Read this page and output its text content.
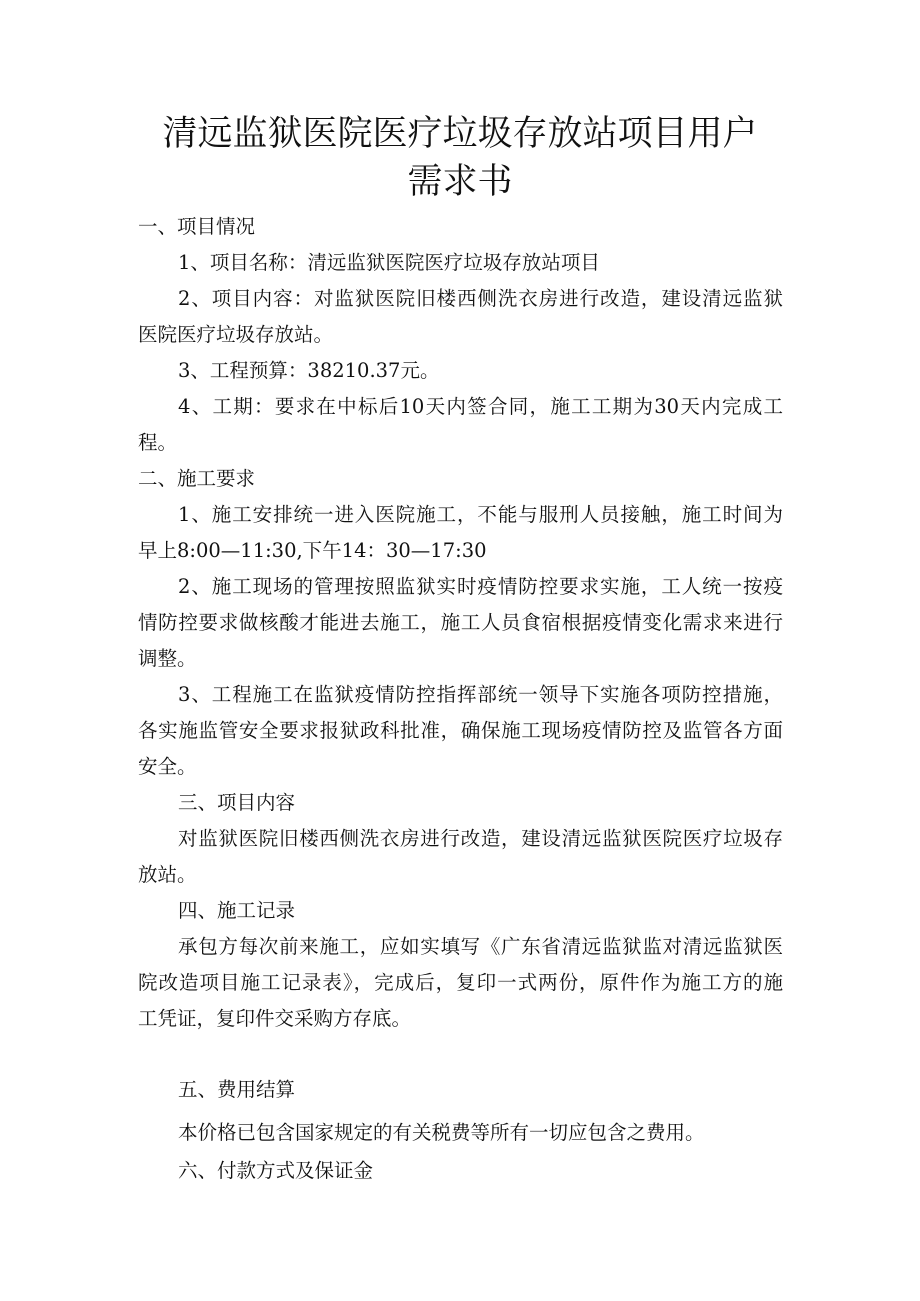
清远监狱医院医疗垃圾存放站项目用户
需求书
一、项目情况
1、项目名称：清远监狱医院医疗垃圾存放站项目
2、项目内容：对监狱医院旧楼西侧洗衣房进行改造，建设清远监狱
医院医疗垃圾存放站。
3、工程预算：38210.37元。
4、工期：要求在中标后10天内签合同，施工工期为30天内完成工
程。
二、施工要求
1、施工安排统一进入医院施工，不能与服刑人员接触，施工时间为
早上8:00—11:30,下午14：30—17:30
2、施工现场的管理按照监狱实时疫情防控要求实施，工人统一按疫
情防控要求做核酸才能进去施工，施工人员食宿根据疫情变化需求来进行
调整。
3、工程施工在监狱疫情防控指挥部统一领导下实施各项防控措施，
各实施监管安全要求报狱政科批准，确保施工现场疫情防控及监管各方面
安全。
三、项目内容
对监狱医院旧楼西侧洗衣房进行改造，建设清远监狱医院医疗垃圾存
放站。
四、施工记录
承包方每次前来施工，应如实填写《广东省清远监狱监对清远监狱医
院改造项目施工记录表》，完成后，复印一式两份，原件作为施工方的施
工凭证，复印件交采购方存底。
五、费用结算
本价格已包含国家规定的有关税费等所有一切应包含之费用。
六、付款方式及保证金
